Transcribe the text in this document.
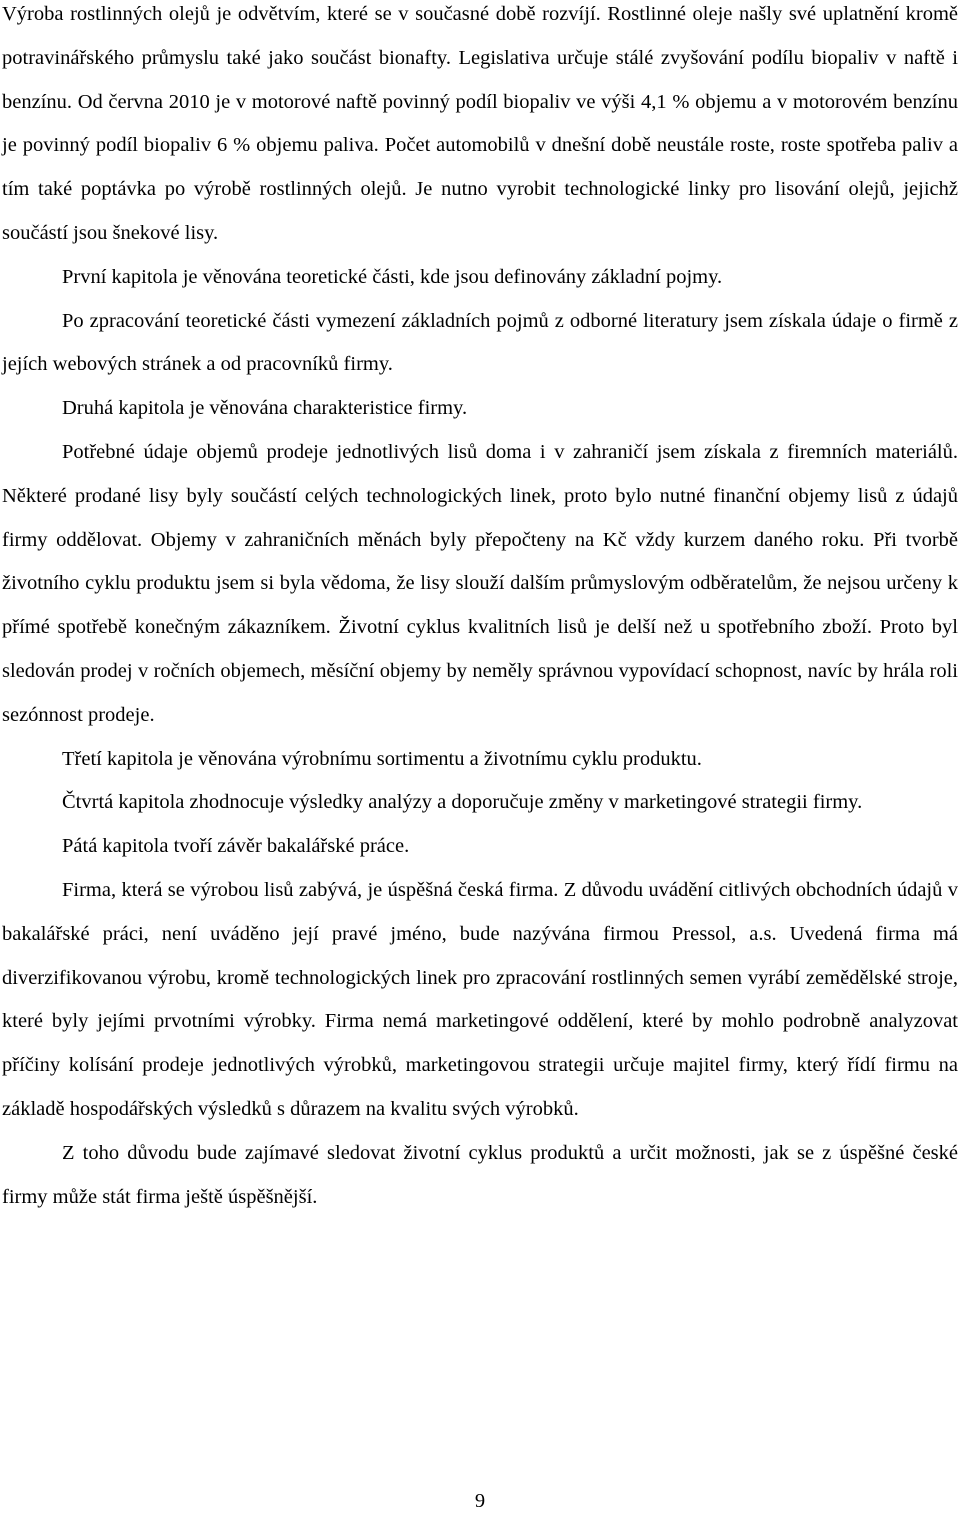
Výroba rostlinných olejů je odvětvím, které se v současné době rozvíjí. Rostlinné oleje našly své uplatnění kromě potravinářského průmyslu také jako součást bionafty. Legislativa určuje stálé zvyšování podílu biopaliv v naftě i benzínu. Od června 2010 je v motorové naftě povinný podíl biopaliv ve výši 4,1 % objemu a v motorovém benzínu je povinný podíl biopaliv 6 % objemu paliva. Počet automobilů v dnešní době neustále roste, roste spotřeba paliv a tím také poptávka po výrobě rostlinných olejů. Je nutno vyrobit technologické linky pro lisování olejů, jejichž součástí jsou šnekové lisy.

První kapitola je věnována teoretické části, kde jsou definovány základní pojmy.

Po zpracování teoretické části vymezení základních pojmů z odborné literatury jsem získala údaje o firmě z jejích webových stránek a od pracovníků firmy.

Druhá kapitola je věnována charakteristice firmy.

Potřebné údaje objemů prodeje jednotlivých lisů doma i v zahraničí jsem získala z firemních materiálů. Některé prodané lisy byly součástí celých technologických linek, proto bylo nutné finanční objemy lisů z údajů firmy oddělovat. Objemy v zahraničních měnách byly přepočteny na Kč vždy kurzem daného roku. Při tvorbě životního cyklu produktu jsem si byla vědoma, že lisy slouží dalším průmyslovým odběratelům, že nejsou určeny k přímé spotřebě konečným zákazníkem. Životní cyklus kvalitních lisů je delší než u spotřebního zboží. Proto byl sledován prodej v ročních objemech, měsíční objemy by neměly správnou vypovídací schopnost, navíc by hrála roli sezónnost prodeje.

Třetí kapitola je věnována výrobnímu sortimentu a životnímu cyklu produktu.

Čtvrtá kapitola zhodnocuje výsledky analýzy a doporučuje změny v marketingové strategii firmy.

Pátá kapitola tvoří závěr bakalářské práce.

Firma, která se výrobou lisů zabývá, je úspěšná česká firma. Z důvodu uvádění citlivých obchodních údajů v bakalářské práci, není uváděno její pravé jméno, bude nazývána firmou Pressol, a.s. Uvedená firma má diverzifikovanou výrobu, kromě technologických linek pro zpracování rostlinných semen vyrábí zemědělské stroje, které byly jejími prvotními výrobky. Firma nemá marketingové oddělení, které by mohlo podrobně analyzovat příčiny kolísání prodeje jednotlivých výrobků, marketingovou strategii určuje majitel firmy, který řídí firmu na základě hospodářských výsledků s důrazem na kvalitu svých výrobků.

Z toho důvodu bude zajímavé sledovat životní cyklus produktů a určit možnosti, jak se z úspěšné české firmy může stát firma ještě úspěšnější.

9
